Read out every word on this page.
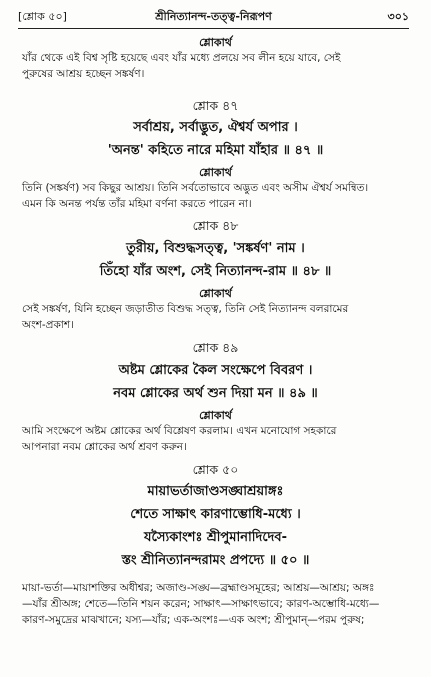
[শ্লোক ৫০]	শ্রীনিত্যানন্দ-তত্ত্ব-নিরূপণ	৩০১
শ্লোকার্থ
যাঁর থেকে এই বিশ্ব সৃষ্টি হয়েছে এবং যাঁর মধ্যে প্রলয়ে সব লীন হয়ে যাবে, সেই
পুরুষের আশ্রয় হচ্ছেন সঙ্কর্ষণ।
শ্লোক ৪৭
সর্বাশ্রয়, সর্বাদ্ভুত, ঐশ্বর্য অপার ।
'অনন্ত' কহিতে নারে মহিমা যাঁহার ॥ ৪৭ ॥
শ্লোকার্থ
তিনি (সঙ্কর্ষণ) সব কিছুর আশ্রয়। তিনি সর্বতোভাবে অদ্ভুত এবং অসীম ঐশ্বর্য সমন্বিত।
এমন কি অনন্ত পর্যন্ত তাঁর মহিমা বর্ণনা করতে পারেন না।
শ্লোক ৪৮
তুরীয়, বিশুদ্ধসত্ত্ব, 'সঙ্কর্ষণ' নাম ।
তিঁহো যাঁর অংশ, সেই নিত্যানন্দ-রাম ॥ ৪৮ ॥
শ্লোকার্থ
সেই সঙ্কর্ষণ, যিনি হচ্ছেন জড়াতীত বিশুদ্ধ সত্ত্ব, তিনি সেই নিত্যানন্দ বলরামের
অংশ-প্রকাশ।
শ্লোক ৪৯
অষ্টম শ্লোকের কৈল সংক্ষেপে বিবরণ ।
নবম শ্লোকের অর্থ শুন দিয়া মন ॥ ৪৯ ॥
শ্লোকার্থ
আমি সংক্ষেপে অষ্টম শ্লোকের অর্থ বিশ্লেষণ করলাম। এখন মনোযোগ সহকারে
আপনারা নবম শ্লোকের অর্থ শ্রবণ করুন।
শ্লোক ৫০
মায়াভর্তাজাণ্ডসঙ্ঘাশ্রয়াঙ্গঃ
শেতে সাক্ষাৎ কারণাম্ভোধি-মধ্যে ।
যস্যৈকাংশঃ শ্রীপুমানাদিদেব-
স্তং শ্রীনিত্যানন্দরামং প্রপদ্যে ॥ ৫০ ॥
মায়া-ভর্তা—মায়াশক্তির অধীশ্বর; অজাণ্ড-সঙ্ঘ—ব্রহ্মাণ্ডসমূহের; আশ্রয়—আশ্রয়; অঙ্গঃ
—যাঁর শ্রীঅঙ্গ; শেতে—তিনি শয়ন করেন; সাক্ষাৎ—সাক্ষাৎভাবে; কারণ-অম্ভোধি-মধ্যে—
কারণ-সমুদ্রের মাঝখানে; যস্য—যাঁর; এক-অংশঃ—এক অংশ; শ্রীপুমান্—পরম পুরুষ;
